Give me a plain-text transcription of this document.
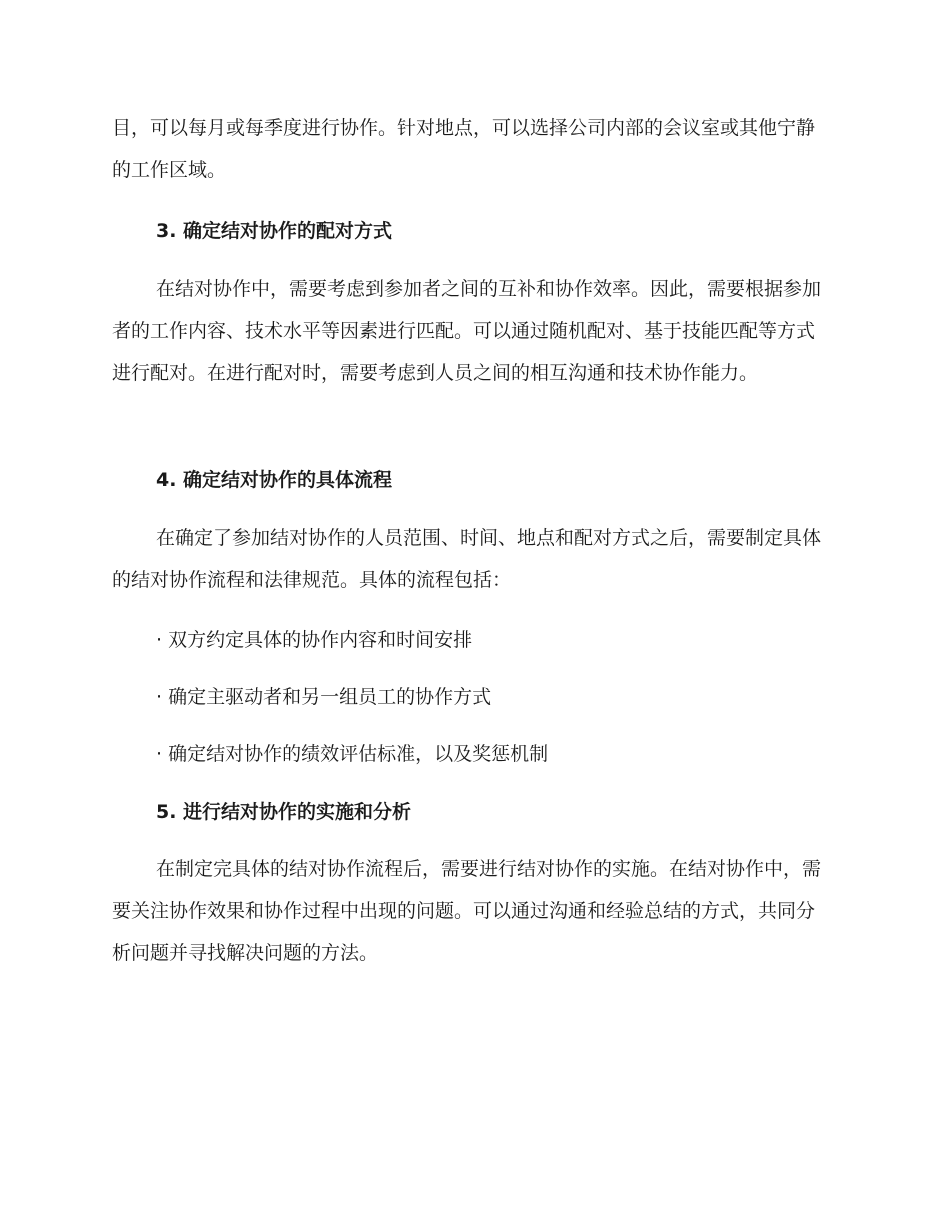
目，可以每月或每季度进行协作。针对地点，可以选择公司内部的会议室或其他宁静的工作区域。

3. 确定结对协作的配对方式

在结对协作中，需要考虑到参加者之间的互补和协作效率。因此，需要根据参加者的工作内容、技术水平等因素进行匹配。可以通过随机配对、基于技能匹配等方式进行配对。在进行配对时，需要考虑到人员之间的相互沟通和技术协作能力。

4. 确定结对协作的具体流程

在确定了参加结对协作的人员范围、时间、地点和配对方式之后，需要制定具体的结对协作流程和法律规范。具体的流程包括：

· 双方约定具体的协作内容和时间安排

· 确定主驱动者和另一组员工的协作方式

· 确定结对协作的绩效评估标准，以及奖惩机制

5. 进行结对协作的实施和分析

在制定完具体的结对协作流程后，需要进行结对协作的实施。在结对协作中，需要关注协作效果和协作过程中出现的问题。可以通过沟通和经验总结的方式，共同分析问题并寻找解决问题的方法。
